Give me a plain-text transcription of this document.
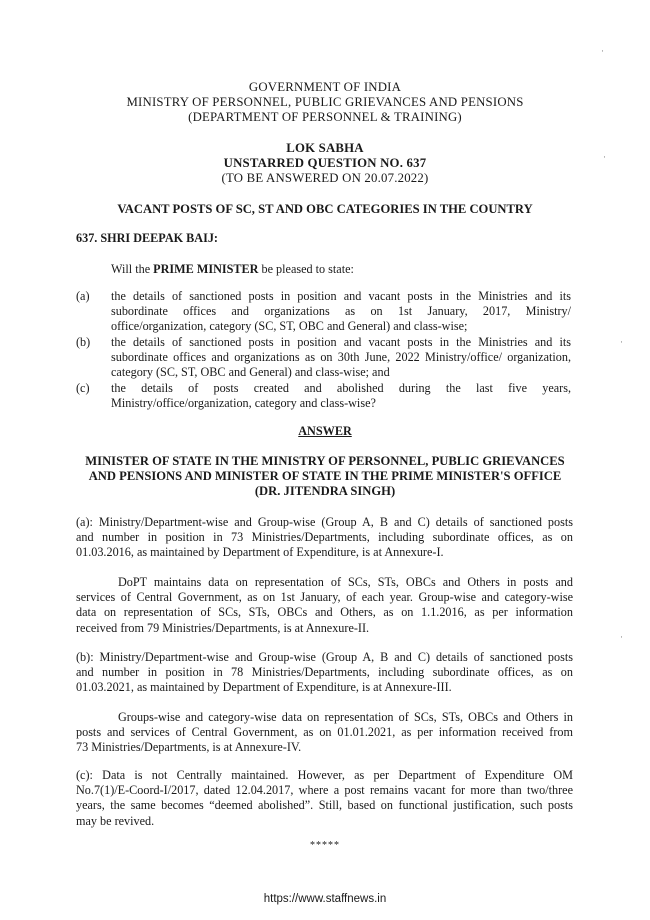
GOVERNMENT OF INDIA
MINISTRY OF PERSONNEL, PUBLIC GRIEVANCES AND PENSIONS
(DEPARTMENT OF PERSONNEL & TRAINING)
LOK SABHA
UNSTARRED QUESTION NO. 637
(TO BE ANSWERED ON 20.07.2022)
VACANT POSTS OF SC, ST AND OBC CATEGORIES IN THE COUNTRY
637. SHRI DEEPAK BAIJ:
Will the PRIME MINISTER be pleased to state:
(a)	the details of sanctioned posts in position and vacant posts in the Ministries and its
subordinate offices and organizations as on 1st January, 2017, Ministry/
office/organization, category (SC, ST, OBC and General) and class-wise;
(b)	the details of sanctioned posts in position and vacant posts in the Ministries and its
subordinate offices and organizations as on 30th June, 2022 Ministry/office/ organization,
category (SC, ST, OBC and General) and class-wise; and
(c)	the details of posts created and abolished during the last five years,
Ministry/office/organization, category and class-wise?
ANSWER
MINISTER OF STATE IN THE MINISTRY OF PERSONNEL, PUBLIC GRIEVANCES
AND PENSIONS AND MINISTER OF STATE IN THE PRIME MINISTER'S OFFICE
(DR. JITENDRA SINGH)
(a): Ministry/Department-wise and Group-wise (Group A, B and C) details of sanctioned posts
and number in position in 73 Ministries/Departments, including subordinate offices, as on
01.03.2016, as maintained by Department of Expenditure, is at Annexure-I.
DoPT maintains data on representation of SCs, STs, OBCs and Others in posts and
services of Central Government, as on 1st January, of each year. Group-wise and category-wise
data on representation of SCs, STs, OBCs and Others, as on 1.1.2016, as per information
received from 79 Ministries/Departments, is at Annexure-II.
(b): Ministry/Department-wise and Group-wise (Group A, B and C) details of sanctioned posts
and number in position in 78 Ministries/Departments, including subordinate offices, as on
01.03.2021, as maintained by Department of Expenditure, is at Annexure-III.
Groups-wise and category-wise data on representation of SCs, STs, OBCs and Others in
posts and services of Central Government, as on 01.01.2021, as per information received from
73 Ministries/Departments, is at Annexure-IV.
(c): Data is not Centrally maintained. However, as per Department of Expenditure OM
No.7(1)/E-Coord-I/2017, dated 12.04.2017, where a post remains vacant for more than two/three
years, the same becomes “deemed abolished”. Still, based on functional justification, such posts
may be revived.
*****
https://www.staffnews.in
·
·
·
·
